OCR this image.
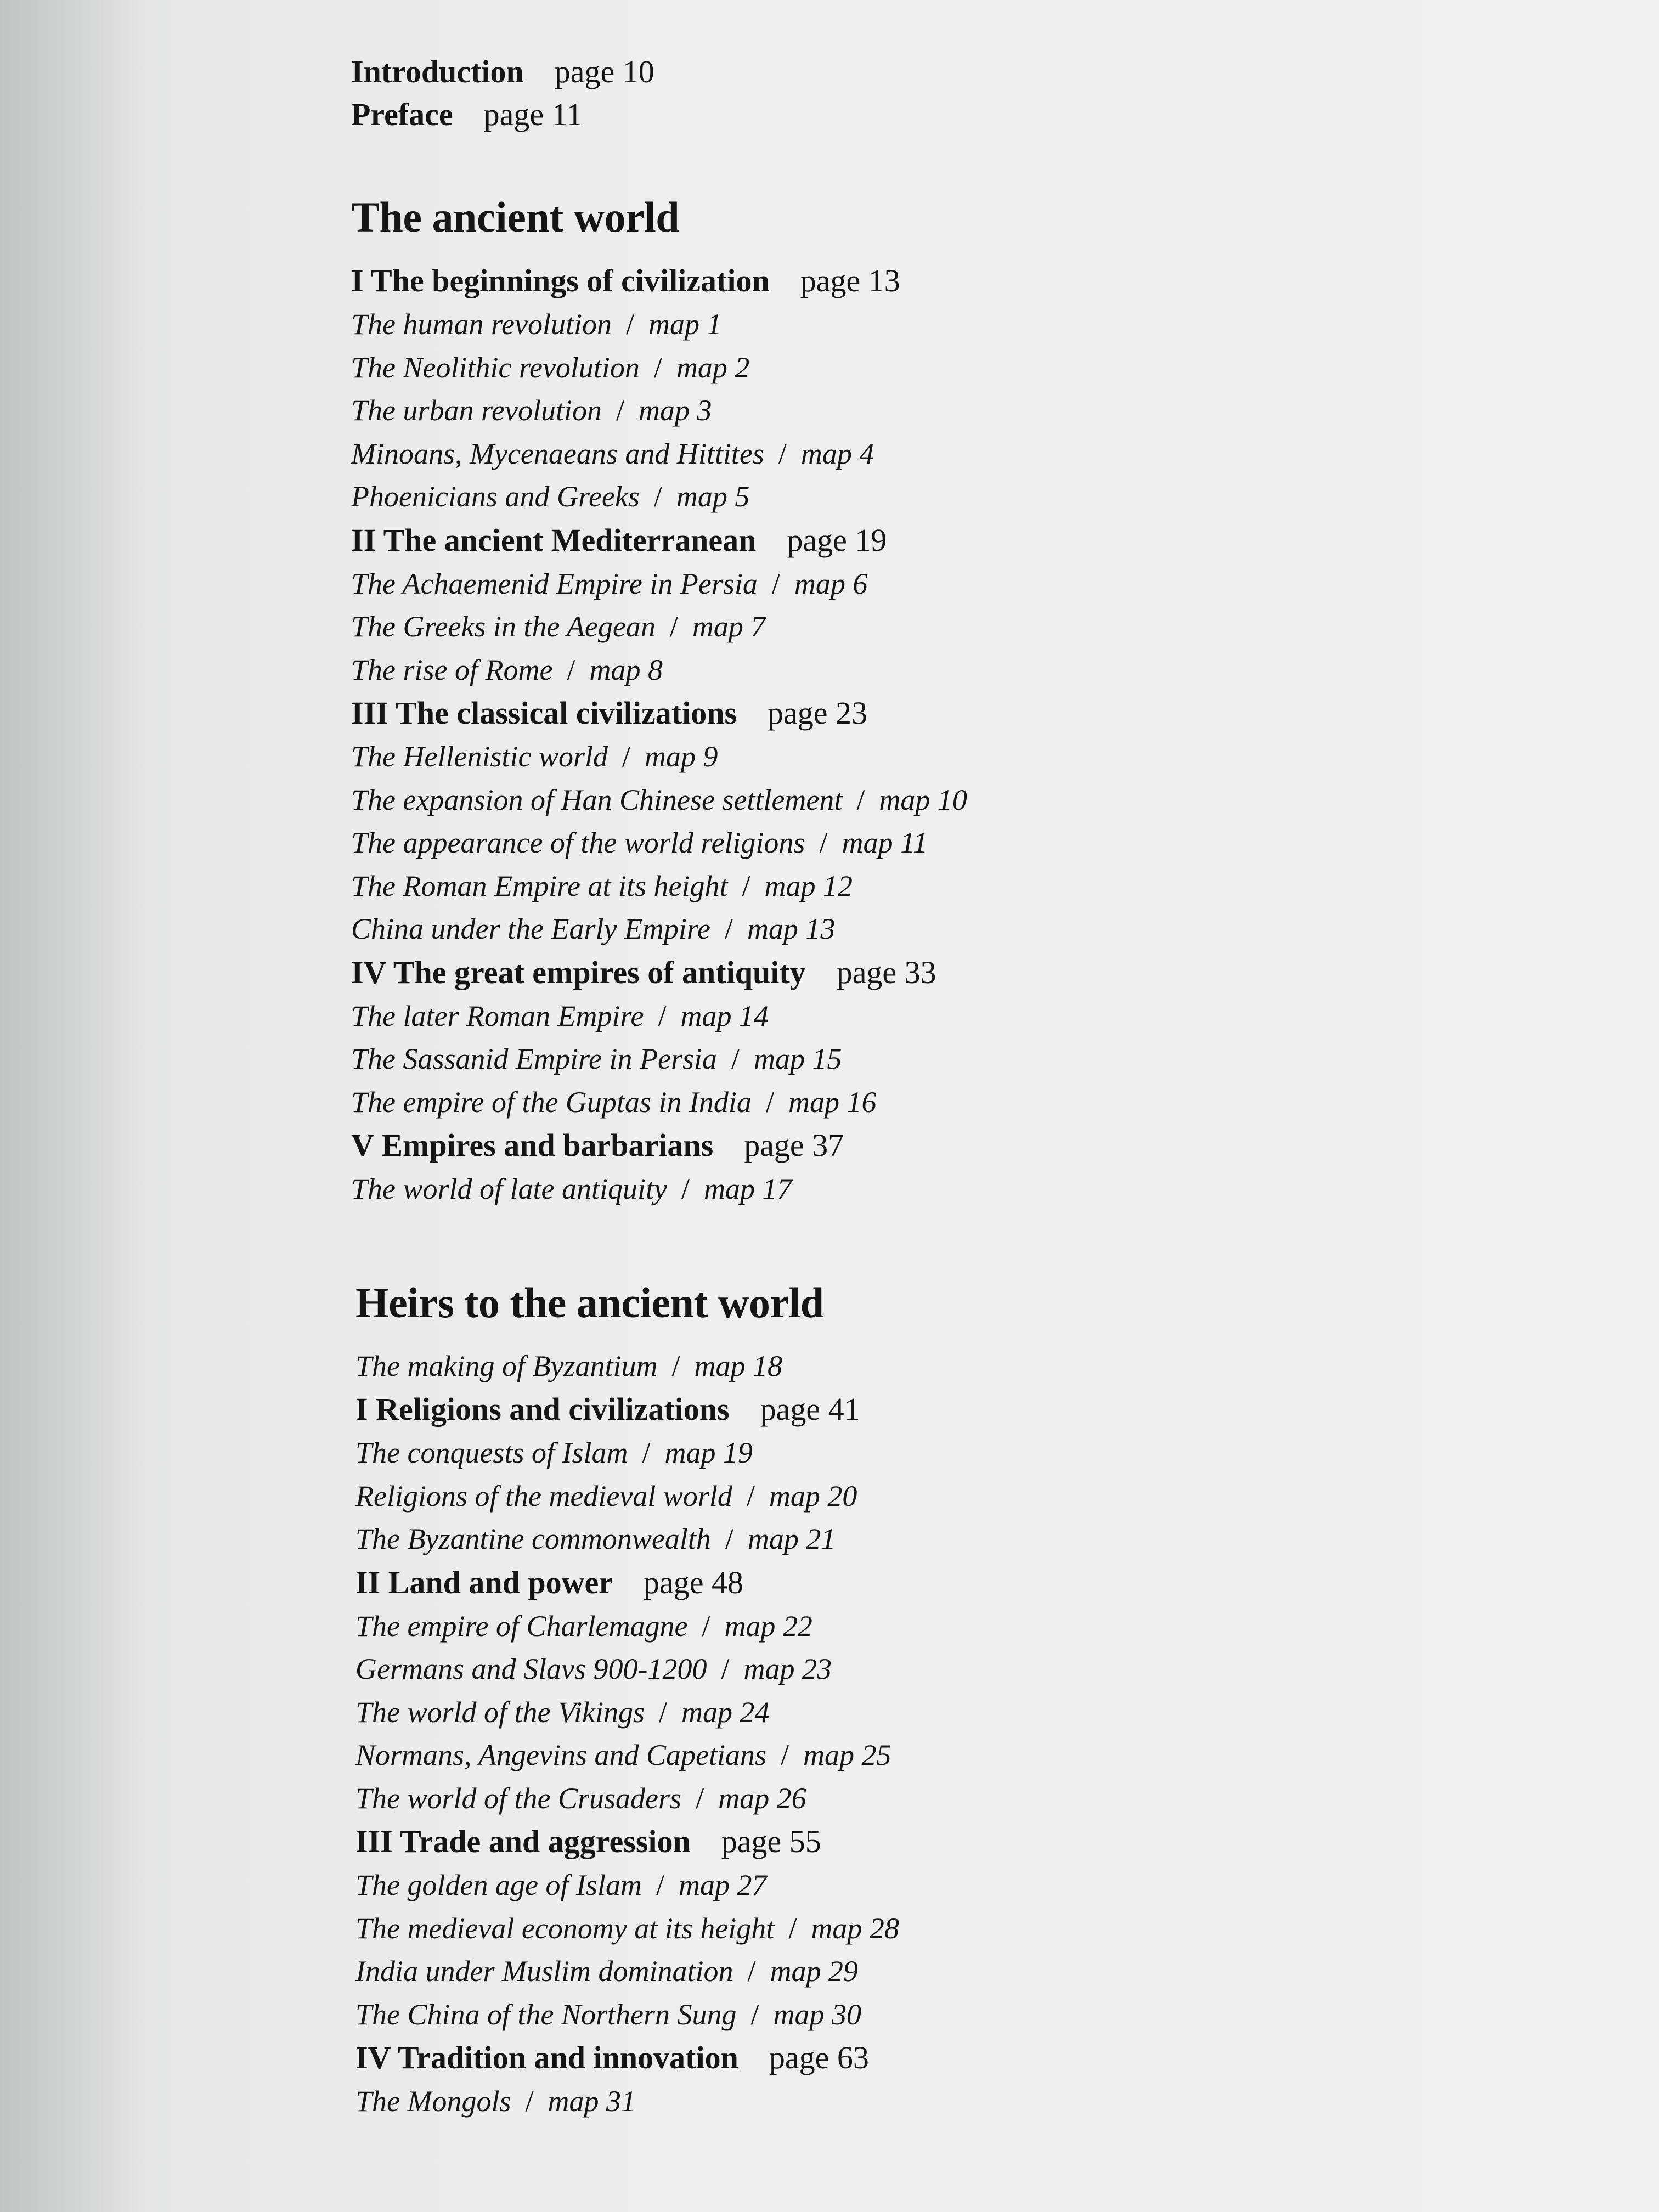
Introduction page 10
Preface page 11
The ancient world
I The beginnings of civilization page 13
The human revolution / map 1
The Neolithic revolution / map 2
The urban revolution / map 3
Minoans, Mycenaeans and Hittites / map 4
Phoenicians and Greeks / map 5
II The ancient Mediterranean page 19
The Achaemenid Empire in Persia / map 6
The Greeks in the Aegean / map 7
The rise of Rome / map 8
III The classical civilizations page 23
The Hellenistic world / map 9
The expansion of Han Chinese settlement / map 10
The appearance of the world religions / map 11
The Roman Empire at its height / map 12
China under the Early Empire / map 13
IV The great empires of antiquity page 33
The later Roman Empire / map 14
The Sassanid Empire in Persia / map 15
The empire of the Guptas in India / map 16
V Empires and barbarians page 37
The world of late antiquity / map 17
Heirs to the ancient world
The making of Byzantium / map 18
I Religions and civilizations page 41
The conquests of Islam / map 19
Religions of the medieval world / map 20
The Byzantine commonwealth / map 21
II Land and power page 48
The empire of Charlemagne / map 22
Germans and Slavs 900-1200 / map 23
The world of the Vikings / map 24
Normans, Angevins and Capetians / map 25
The world of the Crusaders / map 26
III Trade and aggression page 55
The golden age of Islam / map 27
The medieval economy at its height / map 28
India under Muslim domination / map 29
The China of the Northern Sung / map 30
IV Tradition and innovation page 63
The Mongols / map 31
